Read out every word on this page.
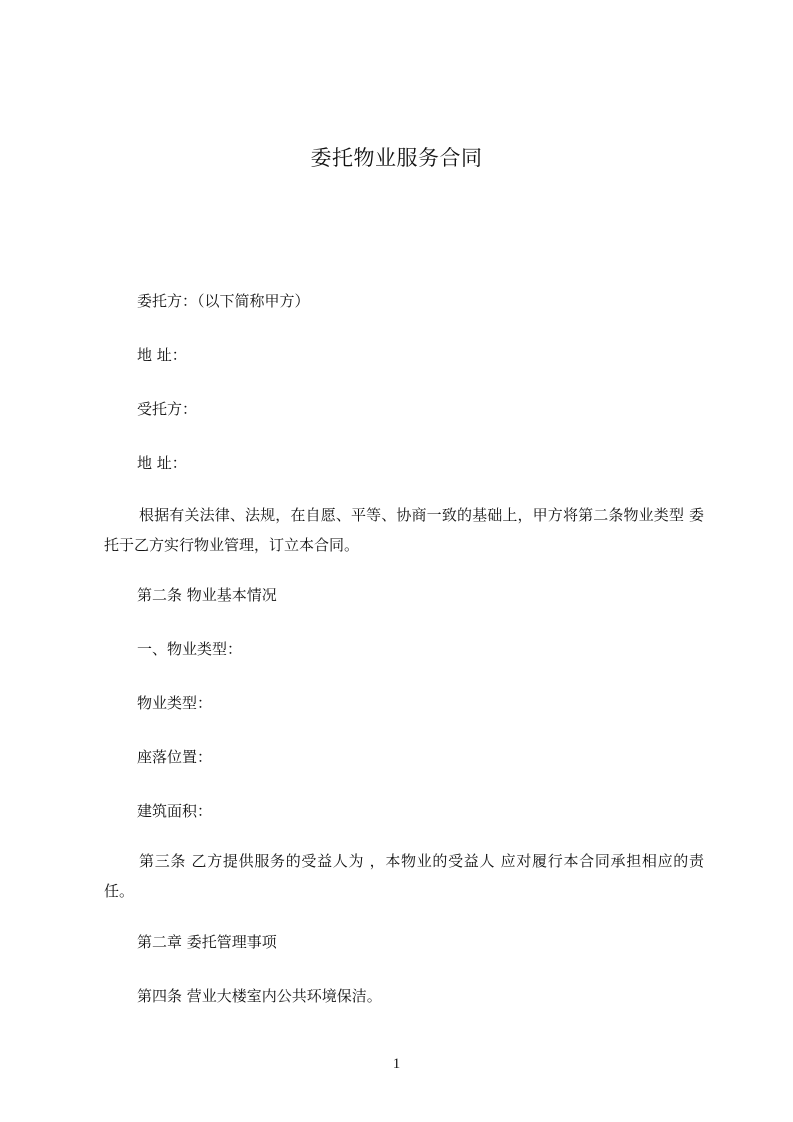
委托物业服务合同
委托方：（以下简称甲方）
地 址：
受托方：
地 址：
根据有关法律、法规，在自愿、平等、协商一致的基础上，甲方将第二条物业类型 委托于乙方实行物业管理，订立本合同。
第二条 物业基本情况
一、物业类型：
物业类型：
座落位置：
建筑面积：
第三条 乙方提供服务的受益人为 ，本物业的受益人 应对履行本合同承担相应的责任。
第二章 委托管理事项
第四条 营业大楼室内公共环境保洁。
1
